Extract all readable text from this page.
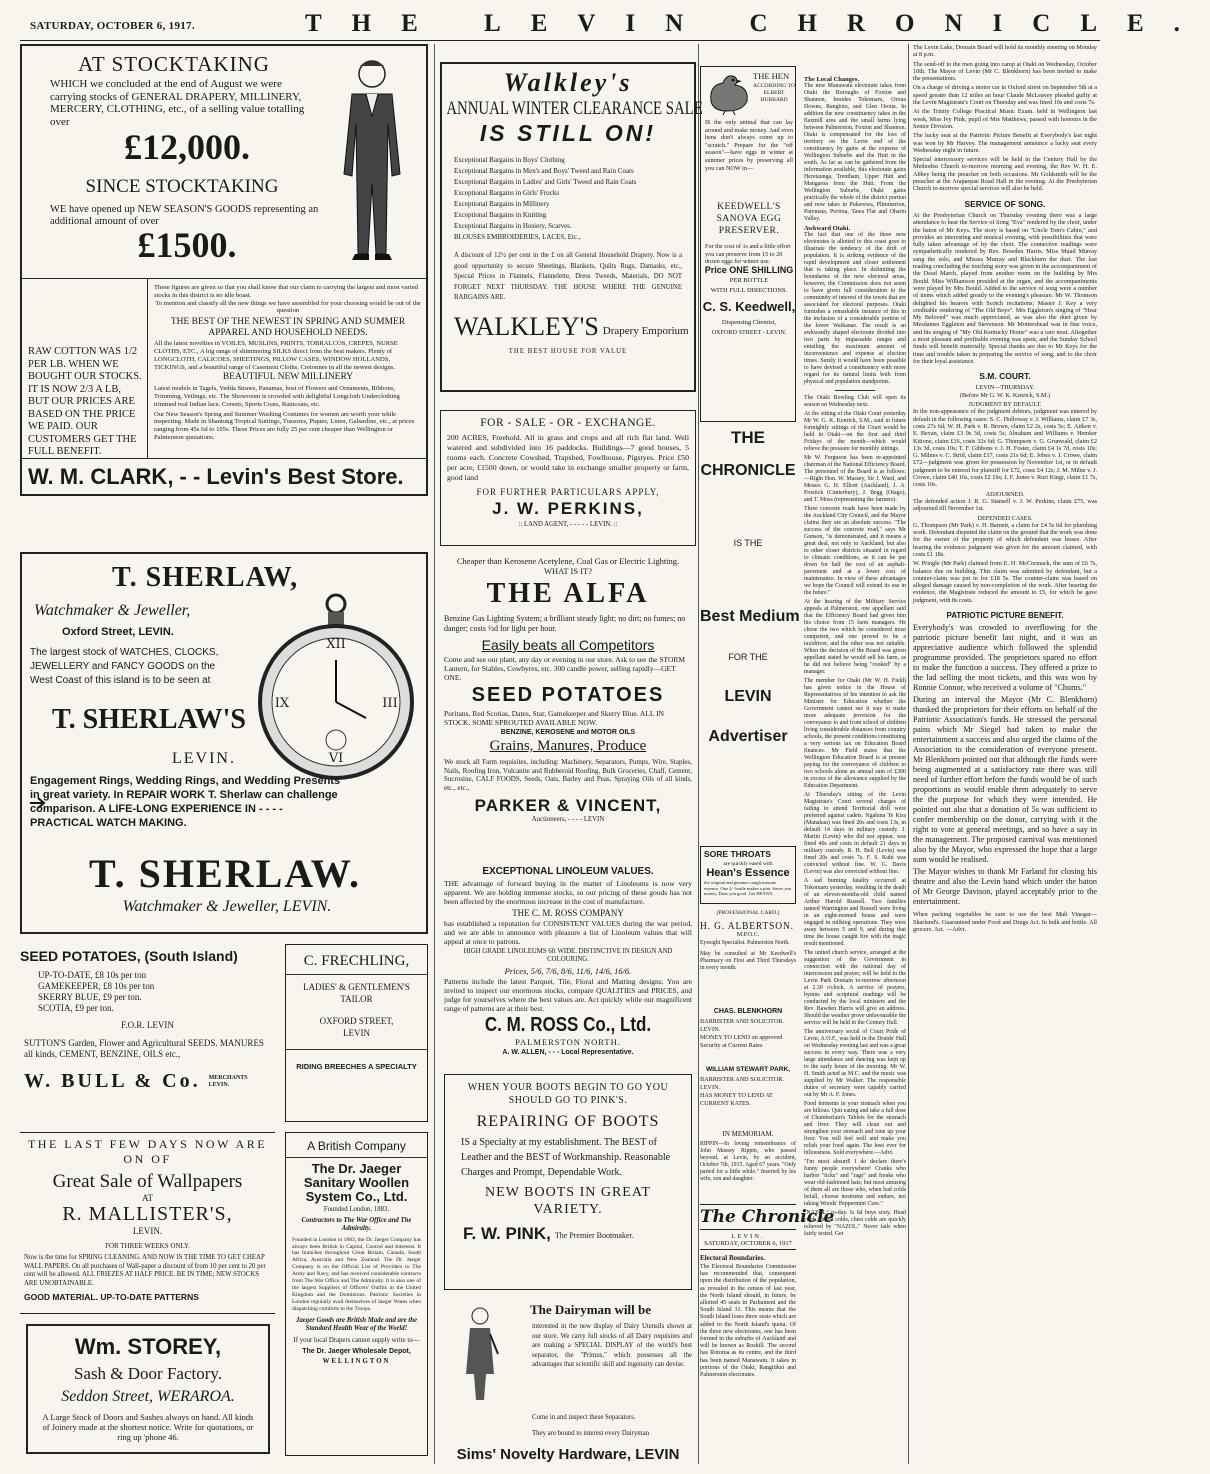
SATURDAY, OCTOBER 6, 1917.	THE LEVIN CHRONICLE.
AT STOCKTAKING
WHICH we concluded at the end of August we were carrying stocks of GENERAL DRAPERY, MILLINERY, MERCERY, CLOTHING, etc., of a selling value totalling over
£12,000.
SINCE STOCKTAKING
WE have opened up NEW SEASON'S GOODS representing an additional amount of over
£1500.
RAW COTTON WAS 1/2 PER LB. WHEN WE BOUGHT OUR STOCKS. IT IS NOW 2/3 A LB, BUT OUR PRICES ARE BASED ON THE PRICE WE PAID. OUR CUSTOMERS GET THE FULL BENEFIT.

These figures are given so that you shall know that our claim to carrying the largest and most varied stocks in this district is no idle boast.

To mention and classify all the new things we have assembled for your choosing would be out of the question

THE BEST OF THE NEWEST IN SPRING AND SUMMER APPAREL AND HOUSEHOLD NEEDS.

All the latest novelties in VOILES, MUSLINS, PRINTS, TOBRALCOS, CREPES, NURSE CLOTHS, ETC., A big range of shimmering SILKS direct from the best makers. Plenty of LONGCLOTH, CALICOES, SHEETINGS, PILLOW CASES, WINDOW HOLLANDS, TICKINGS, and a beautiful range of Casement Cloths, Cretonnes in all the newest designs.

BEAUTIFUL NEW MILLINERY

Latest models in Tagels, Yedda Straws, Panamas, host of Flowers and Ornaments, Ribbons, Trimming, Veilings, etc. The Showroom is crowded with delightful Longcloth Underclothing trimmed real Indian lace. Corsets, Sports Coats, Raincoats, etc.

Our New Season's Spring and Summer Washing Costumes for women are worth your while inspecting. Made in Shantung Tropical Suitings, Tussores, Piques, Linen, Gabardine, etc., at prices ranging from 45s 6d to 105s. These Prices are fully 25 per cent cheaper than Wellington or Palmerston quotations.

W. M. CLARK, - - Levin's Best Store.
T. SHERLAW,
Watchmaker & Jeweller,
Oxford Street, LEVIN.
The largest stock of WATCHES, CLOCKS, JEWELLERY and FANCY GOODS on the West Coast of this island is to be seen at
XII
III
VI
IX
T. SHERLAW'S
LEVIN.
Engagement Rings, Wedding Rings, and Wedding Presents in great variety. In REPAIR WORK T. Sherlaw can challenge comparison. A LIFE-LONG EXPERIENCE IN - - - - PRACTICAL WATCH MAKING.
T. SHERLAW.
Watchmaker & Jeweller, LEVIN.
SEED POTATOES, (South Island)

UP-TO-DATE, £8 10s per ton

GAMEKEEPER, £8 10s per ton

SKERRY BLUE, £9 per ton.

SCOTIA, £9 per ton.

F.O.R. LEVIN
SUTTON'S Garden, Flower and Agricultural SEEDS. MANURES all kinds, CEMENT, BENZINE, OILS etc.,
W. BULL & Co. MERCHANTS LEVIN.
C. FRECHLING,
LADIES' & GENTLEMEN'S TAILOR
OXFORD STREET, LEVIN
RIDING BREECHES A SPECIALTY
THE LAST FEW DAYS NOW ARE ON OF
Great Sale of Wallpapers
AT
R. MALLISTER'S,
LEVIN.
FOR THREE WEEKS ONLY.
Now is the time for SPRING CLEANING. AND NOW IS THE TIME TO GET CHEAP WALL PAPERS. On all purchases of Wall-paper a discount of from 10 per cent to 20 per cent will be allowed. ALL FRIEZES AT HALF PRICE. BE IN TIME; NEW STOCKS ARE UNOBTAINABLE.
GOOD MATERIAL. UP-TO-DATE PATTERNS
Wm. STOREY,
Sash & Door Factory.
Seddon Street, WERAROA.
A Large Stock of Doors and Sashes always on hand. All kinds of Joinery made at the shortest notice. Write for quotations, or ring up 'phone 46.
A British Company
The Dr. Jaeger Sanitary Woollen System Co., Ltd.
Founded London, 1883.
Contractors to The War Office and The Admiralty.
Founded in London in 1883, the Dr. Jaeger Company has always been British in Capital, Control and Interests. It has branches throughout Great Britain, Canada, South Africa, Australia and New Zealand. The Dr. Jaeger Company is on the Official List of Providers to The Army and Navy, and has received considerable contracts from The War Office and The Admiralty. It is also one of the largest Suppliers of Officers' Outfits in the United Kingdom and the Dominions. Patriotic Societies in London regularly avail themselves of Jaeger Wares when dispatching comforts to the Troops.
Jaeger Goods are British Made and are the Standard Health Wear of the World!
If your local Drapers cannot supply write to—
The Dr. Jaeger Wholesale Depot,
WELLINGTON
Walkley's
ANNUAL WINTER CLEARANCE SALE
IS STILL ON!

Exceptional Bargains in Boys' Clothing

Exceptional Bargains in Men's and Boys' Tweed and Rain Coats

Exceptional Bargains in Ladies' and Girls' Tweed and Rain Coats

Exceptional Bargains in Girls' Frocks

Exceptional Bargains in Millinery

Exceptional Bargains in Knitting

Exceptional Bargains in Hosiery, Scarves.

BLOUSES EMBROIDERIES, LACES, Etc.,

A discount of 12½ per cent in the £ on all General Household Drapery. Now is a good opportunity to secure Sheetings, Blankets, Quilts Rugs, Damasks, etc., Special Prices in Flannels, Flannelette, Dress Tweeds, Materials, DO NOT FORGET NEXT THURSDAY. THE HOUSE WHERE THE GENUINE BARGAINS ARE.
WALKLEY'S Drapery Emporium
THE BEST HOUSE FOR VALUE
FOR - SALE - OR - EXCHANGE.
200 ACRES, Freehold. All in grass and crops and all rich flat land. Well watered and subdivided into 16 paddocks. Buildings—7 good houses, 5 rooms each. Concrete Cowshed, Trapshed, Fowlhouse, Pigstyes. Price £50 per acre, £1500 down, or would take in exchange smaller property or farm, good land
FOR FURTHER PARTICULARS APPLY,
J. W. PERKINS,
:: LAND AGENT, - - - - - LEVIN. ::
Cheaper than Kerosene Acetylene, Coal Gas or Electric Lighting. WHAT IS IT?
THE ALFA
Benzine Gas Lighting System; a brilliant steady light; no dirt; no fumes; no danger; costs ½d for light per hour.
Easily beats all Competitors
Come and see our plant, any day or evening in our store. Ask to see the STORM Lantern, for Stables, Cowbyres, etc. 300 candle power, selling rapidly—GET ONE.
SEED POTATOES
Puritans, Red Scotias, Dates, Star, Gamekeeper and Skerry Blue. ALL IN STOCK. SOME SPROUTED AVAILABLE NOW.
BENZINE, KEROSENE and MOTOR OILS
Grains, Manures, Produce
We stock all Farm requisites, including: Machinery, Separators, Pumps, Wire, Staples, Nails, Roofing Iron, Vulcanite and Rubberoid Roofing, Bulk Groceries, Chaff, Cement, Sucrosine, CALF FOODS, Seeds, Oats, Barley and Peas, Spraying Oils of all kinds, etc., etc.,
PARKER & VINCENT,
Auctioneers, - - - - LEVIN
EXCEPTIONAL LINOLEUM VALUES.
THE advantage of forward buying in the matter of Linoleums is now very apparent. We are holding immense stocks, so our pricing of these goods has not been affected by the enormous increase in the cost of manufacture.
THE C. M. ROSS COMPANY
has established a reputation for CONSISTENT VALUES during the war period, and we are able to announce with pleasure a list of Linoleum values that will appeal at once to patrons.
HIGH GRADE LINOLEUMS 6ft WIDE. DISTINCTIVE IN DESIGN AND COLOURING.
Prices, 5/6, 7/6, 8/6, 11/6, 14/6, 16/6.
Patterns include the latest Parquet, Tile, Floral and Matting designs. You are invited to inspect our enormous stocks, compare QUALITIES and PRICES, and judge for yourselves where the best values are. Act quickly while our magnificent range of patterns are at their best.
C. M. ROSS Co., Ltd.
PALMERSTON NORTH.
A. W. ALLEN, - - - Local Representative.
WHEN YOUR BOOTS BEGIN TO GO YOU SHOULD GO TO PINK'S.
REPAIRING OF BOOTS
IS a Specialty at my establishment. The BEST of Leather and the BEST of Workmanship. Reasonable Charges and Prompt, Dependable Work.
NEW BOOTS IN GREAT VARIETY.
F. W. PINK, The Premier Bootmaker.
The Dairyman will be
interested in the new display of Dairy Utensils shown at our store. We carry full stocks of all Dairy requisites and are making a SPECIAL DISPLAY of the world's best separator, the "Primus," which possesses all the advantages that scientific skill and ingenuity can devise.
Come in and inspect these Separators.
They are bound to interest every Dairyman
Sims' Novelty Hardware, LEVIN
THE HEN
ACCORDING TO ELBERT HUBBARD
IS the only animal that can lay around and make money. And even hens don't always come up to "scratch." Prepare for the "off season"—have eggs in winter at summer prices by preserving all you can NOW in—
KEEDWELL'S SANOVA EGG PRESERVER.
For the cost of 1s and a little effort you can preserve from 15 to 20 dozen eggs for winter use.
Price ONE SHILLING
PER BOTTLE
WITH FULL DIRECTIONS.
C. S. Keedwell,
Dispensing Chemist,
OXFORD STREET - LEVIN.
THE
CHRONICLE
IS THE
Best Medium
FOR THE
LEVIN
Advertiser
SORE THROATS
are quickly eased with
Hean's Essence
the original and genuine cough mixture essence. One 2/- bottle makes a pint. Saves you money. Does you good. Get HEAN'S.
[PROFESSIONAL CARD.]
H. G. ALBERTSON.
M.P.O.C.
Eyesight Specialist. Palmerston North.
May be consulted at Mr Keedwell's Pharmacy on First and Third Thursdays in every month.
CHAS. BLENKHORN
BARRISTER AND SOLICITOR. LEVIN.
MONEY TO LEND on approved Security at Current Rates
WILLIAM STEWART PARK,
BARRISTER AND SOLICITOR. LEVIN.
HAS MONEY TO LEND AT CURRENT RATES.
IN MEMORIAM.
RIPPIN—In loving remembrance of John Massey Rippin, who passed beyond, at Levin, by an accident, October 7th, 1915. Aged 67 years. "Only parted for a little while." Inserted by his wife, son and daughter.
The Chronicle
LEVIN.
SATURDAY, OCTOBER 6, 1917
Electoral Boundaries.
The Electoral Boundaries Commission has recommended that, consequent upon the distribution of the population, as revealed in the census of last year, the North Island should, in future, be allotted 45 seats in Parliament and the South Island 31. This means that the South Island loses three seats which are added to the North Island's quota. Of the three new electorates, one has been formed in the suburbs of Auckland and will be known as Roskill. The second has Rotorua as its centre, and the third has been named Manawatu. It takes in portions of the Otaki, Rangitikei and Palmerston electorates.

The Local Changes.

The new Manawatu electorate takes from Otaki the Boroughs of Foxton and Shannon, besides Tokomaru, Oroua Downs, Rangiotu, and Glen Oroua. In addition the new constituency takes in the flaxmill area and the small farms lying between Palmerston, Foxton and Shannon. Otaki is compensated for the loss of territory on the Levin end of the constituency by gains at the expense of Wellington Suburbs and the Hutt in the south. As far as can be gathered from the information available, this electorate gains Heretaunga, Trentham, Upper Hutt and Mangaroa from the Hutt. From the Wellington Suburbs, Otaki gains practically the whole of the district portion and now takes in Pukerewa, Plimmerton, Paremata, Porirua, Tawa Flat and Ohariu Valley.

Awkward Otaki.

The fact that one of the three new electorates is allotted to this coast goes to illustrate the tendency of the drift of population. It is striking evidence of the rapid development and closer settlement that is taking place. In delimiting the boundaries of the new electoral areas, however, the Commission does not seem to have given full consideration to the community of interest of the towns that are associated for electoral purposes. Otaki furnishes a remarkable instance of this in the inclusion of a considerable portion of the lower Waikanae. The result is an awkwardly shaped electorate divided into two parts by impassable ranges and entailing the maximum amount of inconvenience and expense at election times. Surely it would have been possible to have devised a constituency with more regard for its natural limits both from physical and population standpoints.

The Otaki Bowling Club will open its season on Wednesday next.

At the sitting of the Otaki Court yesterday Mr W. G. K. Kenrick, S.M., said in future fortnightly sittings of the Court would be held in Otaki—on the first and third Fridays of the month—which would relieve the pressure for monthly sittings.

Mr W. Ferguson has been re-appointed chairman of the National Efficiency Board. The personnel of the Board is as follows:—Right Hon. W. Massey, Sir J. Ward, and Messrs G. H. Elliott (Auckland), J. A. Frostick (Canterbury), J. Begg (Otago), and T. Moss (representing the farmers).

Three concrete roads have been made by the Auckland City Council, and the Mayor claims they are an absolute success. "The success of the concrete road," says Mr Gunson, "is demonstrated, and it means a great deal, not only to Auckland, but also to other closer districts situated in regard to climatic conditions, as it can be put down for half the cost of an asphalt-pavement and at a lower cost of maintenance. In view of these advantages we hope the Council will extend its use in the future."

At the hearing of the Military Service appeals at Palmerston, one appellant said that the Efficiency Board had given him his choice from 15 farm managers. He chose the two which he considered most competent, and one proved to be a taxidriver, and the other was not suitable. When the decision of the Board was given appellant stated he would sell his farm, as he did not believe being "rooked" by a manager.

The member for Otaki (Mr W. H. Field) has given notice in the House of Representatives of his intention to ask the Minister for Education whether the Government cannot see it way to make more adequate provision for the conveyance to and from school of children living considerable distances from country schools, the present conditions constituting a very serious tax on Education Board finances. Mr Field states that the Wellington Education Board is at present paying for the conveyance of children to two schools alone an annual sum of £300 in excess of the allowance supplied by the Education Department.

At Thursday's sitting of the Levin Magistrate's Court several charges of failing to attend Territorial drill were preferred against cadets. Ngahina Te Kira (Manakau) was fined 20s and costs 13s, in default 14 days in military custody. J. Martin (Levin) who did not appear, was fined 40s and costs in default 21 days in military custody. R. H. Bell (Levin) was fined 20s and costs 7s. F. S. Kuhi was convicted without fine. W. G. Davis (Levin) was also convicted without fine.

A sad burning fatality occurred at Tokomaru yesterday, resulting in the death of an eleven-months-old child named Arthur Harold Russell. Two families named Warrington and Russell were living in an eight-roomed house and were engaged in milking operations. They were away between 5 and 9, and during that time the house caught fire with the tragic result mentioned.

The united church service, arranged at the suggestion of the Government in connection with the national day of intercession and prayer, will be held in the Levin Park Domain to-morrow afternoon at 2.30 o'clock. A service of prayers, hymns and scriptural readings will be conducted by the local ministers and the Rev. Bawden Harris will give an address. Should the weather prove unfavourable the service will be held in the Century Hall.

The anniversary social of Court Pride of Levin, A.O.F., was held in the Druids' Hall on Wednesday evening last and was a great success in every way. There was a very large attendance and dancing was kept up to the early hours of the morning. Mr W. H. Smith acted as M.C. and the music was supplied by Mr Walker. The responsible duties of secretary were capably carried out by Mr A. F. Jones.

Food ferments in your stomach when you are bilious. Quit eating and take a full dose of Chamberlain's Tablets for the stomach and liver. They will clean out and strengthen your stomach and tone up your liver. You will feel well and make you relish your food again. The best ever for biliousness. Sold everywhere.—Advt.

"I'm most absurd! I do declare there's funny people everywhere! Cranks who harbor "ticks" and "rags" and freaks who wear old-fashioned hats; but most amusing of them all are those who, when bad colds befall, choose nostrums and endure, not taking Woods' Peppermint Cure."

"NAZOL" to-day. Is 6d buys sixty. Head colds, throat colds, chest colds are quickly relieved by "NAZOL." Never fails when fairly tested. Get

The Levin Lake, Domain Board will hold its monthly meeting on Monday at 8 p.m.

The send-off to the men going into camp at Otaki on Wednesday, October 10th. The Mayor of Levin (Mr C. Blenkhorn) has been invited to make the presentations.

On a charge of driving a motor car in Oxford street on September 5th at a speed greater than 12 miles an hour Claude McLeavey pleaded guilty at the Levin Magistrate's Court on Thursday and was fined 10s and costs 7s.

At the Trinity College Practical Music Exam. held in Wellington last week, Miss Ivy Pink, pupil of Mrs Matthews, passed with honours in the Senior Division.

The lucky seat at the Patriotic Picture Benefit at Everybody's last night was won by Mr Harvey. The management announce a lucky seat every Wednesday night in future.

Special intercessory services will be held in the Century Hall by the Methodist Church to-morrow morning and evening, the Rev W. H. E. Abbey being the preacher on both occasions. Mr Goldsmith will be the preacher at the Arapaepae Road Hall in the evening. At the Presbyterian Church to-morrow special services will also be held.

SERVICE OF SONG.

At the Presbyterian Church on Thursday evening there was a large attendance to hear the Service of Song "Eva" rendered by the choir, under the baton of Mr Keys. The story is based on "Uncle Tom's Cabin," and provides an interesting and musical evening, with possibilities that were fully taken advantage of by the choir. The connective readings were sympathetically rendered by Rev. Bowden Harris. Miss Maud Murray sang the solo, and Misses Murray and Blackburn the duet. The last reading concluding the touching story was given in the accompaniment of the Dead March, played from another room on the building by Mrs Bould. Miss Williamson presided at the organ, and the accompaniments were played by Mrs Bould. Added to the service of song were a number of items which added greatly to the evening's pleasure. Mr W. Thomson delighted his hearers with Scotch recitations; Master J. Key a very creditable rendering of "The Old Boys". Mrs Eggleton's singing of "Hear My Beloved" was much appreciated, as was also the duet given by Mesdames Eggleton and Stevenson. Mr Mottershead was in fine voice, and his singing of "My Old Kentucky Home" was a rare treat. Altogether a most pleasant and profitable evening was spent, and the Sunday School funds will benefit materially. Special thanks are due to Mr Keys for the time and trouble taken in preparing the service of song, and to the choir for their loyal assistance.

S.M. COURT.

LEVIN—THURSDAY.

(Before Mr G. W. K. Kenrick, S.M.)

JUDGMENT BY DEFAULT.

In the non-appearance of the judgment debtors, judgment was entered by default in the following cases: S. C. Holloway v. J. Williams, claim £7 3s, costs 27s 6d; W. H. Park v. R. Brown, claim £2 2s, costs 5s; E. Aitken v. E. Bevan, claim £3 9s 3d, costs 5s; Abraham and Williams v. Hemker Kitione, claim £16, costs 32s 6d; G. Thompson v. G. Grunwald, claim £2 13s 3d, costs 10s; T. F. Gibbons v. J. H. Foster, claim £4 1s 7d, costs 10s; G. Milnes v. C. Strid, claim £17, costs 21s 6d; E. Jobes v. J. Crowe, claim £72—judgment was given for possession by November 1st, or in default judgment to be entered for plaintiff for £72, costs £4 12s; J. M. Milne v. J. Crowe, claim £40 16s, costs £2 19s; J. F. Jones v. Ruri Kingi, claim £1 7s, costs 10s.

ADJOURNED.

The defended action J. B. G. Stansell v. J. W. Perkins, claim £75, was adjourned till November 1st.

DEFENDED CASES.

G. Thompson (Mr Park) v. H. Barnett, a claim for £4 5s 6d for plumbing work. Defendant disputed the claim on the ground that the work was done for the owner of the property of which defendant was lessee. After hearing the evidence judgment was given for the amount claimed, with costs £1 18s.

W. Pringle (Mr Park) claimed from E. H. McCormack, the sum of £6 7s, balance due on building. This claim was admitted by defendant, but a counter-claim was put in for £18 5s. The counter-claim was based on alleged damage caused by non-completion of the work. After hearing the evidence, the Magistrate reduced the amount to £5, for which he gave judgment, with 8s costs.

PATRIOTIC PICTURE BENEFIT.

Everybody's was crowded to overflowing for the patriotic picture benefit last night, and it was an appreciative audience which followed the splendid programme provided. The proprietors spared no effort to make the function a success. They offered a prize to the lad selling the most tickets, and this was won by Ronnie Connor, who received a volume of "Chums."

During an interval the Mayor (Mr C. Blenkhorn) thanked the proprietors for their efforts on behalf of the Patriotic Association's funds. He stressed the personal pains which Mr Siegel had taken to make the entertainment a success and also urged the claims of the Association to the consideration of everyone present. Mr Blenkhorn pointed out that although the funds were being augmented at a satisfactory rate there was still need of further effort before the funds would be of such proportions as would enable them adequately to serve the the purpose for which they were intended. He pointed out also that a donation of 5s was sufficient to confer membership on the donor, carrying with it the right to vote at general meetings, and so have a say in the management. The proposed carnival was mentioned also by the Mayor, who expressed the hope that a large sum would be realised.

The Mayor wishes to thank Mr Farland for closing his theatre and also the Levin band which under the baton of Mr George Davison, played acceptably prior to the entertainment.

When packing vegetables be sure to use the best Malt Vinegar—Sharland's. Guaranteed under Food and Drugs Act. In bulk and bottle. All grocers. Act. —Advt.
